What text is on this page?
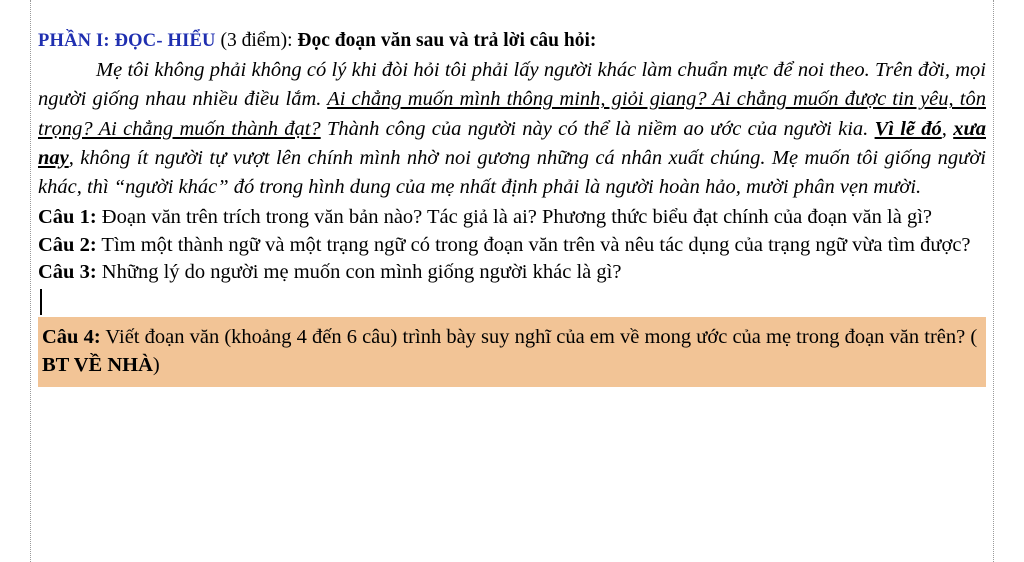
PHẦN I: ĐỌC- HIỂU (3 điểm): Đọc đoạn văn sau và trả lời câu hỏi:

Mẹ tôi không phải không có lý khi đòi hỏi tôi phải lấy người khác làm chuẩn mực để noi theo. Trên đời, mọi người giống nhau nhiều điều lắm. Ai chẳng muốn mình thông minh, giỏi giang? Ai chẳng muốn được tin yêu, tôn trọng? Ai chẳng muốn thành đạt? Thành công của người này có thể là niềm ao ước của người kia. Vì lẽ đó, xưa nay, không ít người tự vượt lên chính mình nhờ noi gương những cá nhân xuất chúng. Mẹ muốn tôi giống người khác, thì “người khác” đó trong hình dung của mẹ nhất định phải là người hoàn hảo, mười phân vẹn mười.

Câu 1: Đoạn văn trên trích trong văn bản nào? Tác giả là ai? Phương thức biểu đạt chính của đoạn văn là gì?

Câu 2: Tìm một thành ngữ và một trạng ngữ có trong đoạn văn trên và nêu tác dụng của trạng ngữ vừa tìm được?

Câu 3: Những lý do người mẹ muốn con mình giống người khác là gì?

Câu 4: Viết đoạn văn (khoảng 4 đến 6 câu) trình bày suy nghĩ của em về mong ước của mẹ trong đoạn văn trên? ( BT VỀ NHÀ)
